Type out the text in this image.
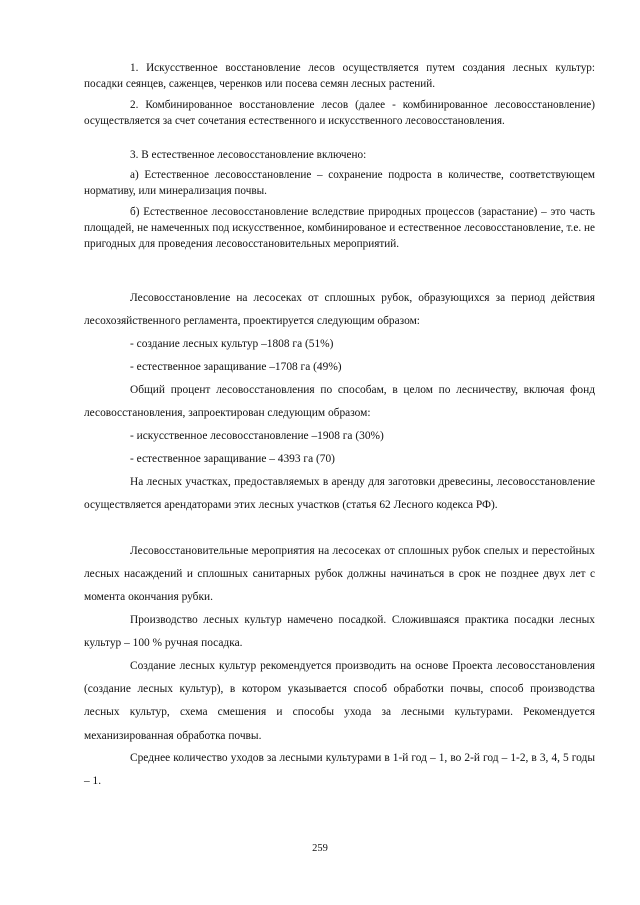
1. Искусственное восстановление лесов осуществляется путем создания лесных культур: посадки сеянцев, саженцев, черенков или посева семян лесных растений.

2. Комбинированное восстановление лесов (далее - комбинированное лесовосстановление) осуществляется за счет сочетания естественного и искусственного лесовосстановления.

3. В естественное лесовосстановление включено:

а) Естественное лесовосстановление – сохранение подроста в количестве, соответствующем нормативу, или минерализация почвы.

б) Естественное лесовосстановление вследствие природных процессов (зарастание) – это часть площадей, не намеченных под искусственное, комбинированое и естественное лесовосстановление, т.е. не пригодных для проведения лесовосстановительных мероприятий.

Лесовосстановление на лесосеках от сплошных рубок, образующихся за период действия лесохозяйственного регламента, проектируется следующим образом:

- создание лесных культур –1808 га (51%)

- естественное заращивание –1708 га (49%)

Общий процент лесовосстановления по способам, в целом по лесничеству, включая фонд лесовосстановления, запроектирован следующим образом:

- искусственное лесовосстановление –1908 га (30%)

- естественное заращивание – 4393 га (70)

На лесных участках, предоставляемых в аренду для заготовки древесины, лесовосстановление осуществляется арендаторами этих лесных участков (статья 62 Лесного кодекса РФ).

Лесовосстановительные мероприятия на лесосеках от сплошных рубок спелых и перестойных лесных насаждений и сплошных санитарных рубок должны начинаться в срок не позднее двух лет с момента окончания рубки.

Производство лесных культур намечено посадкой. Сложившаяся практика посадки лесных культур – 100 % ручная посадка.

Создание лесных культур рекомендуется производить на основе Проекта лесовосстановления (создание лесных культур), в котором указывается способ обработки почвы, способ производства лесных культур, схема смешения и способы ухода за лесными культурами. Рекомендуется механизированная обработка почвы.

Среднее количество уходов за лесными культурами в 1-й год – 1, во 2-й год – 1-2, в 3, 4, 5 годы – 1.

259
